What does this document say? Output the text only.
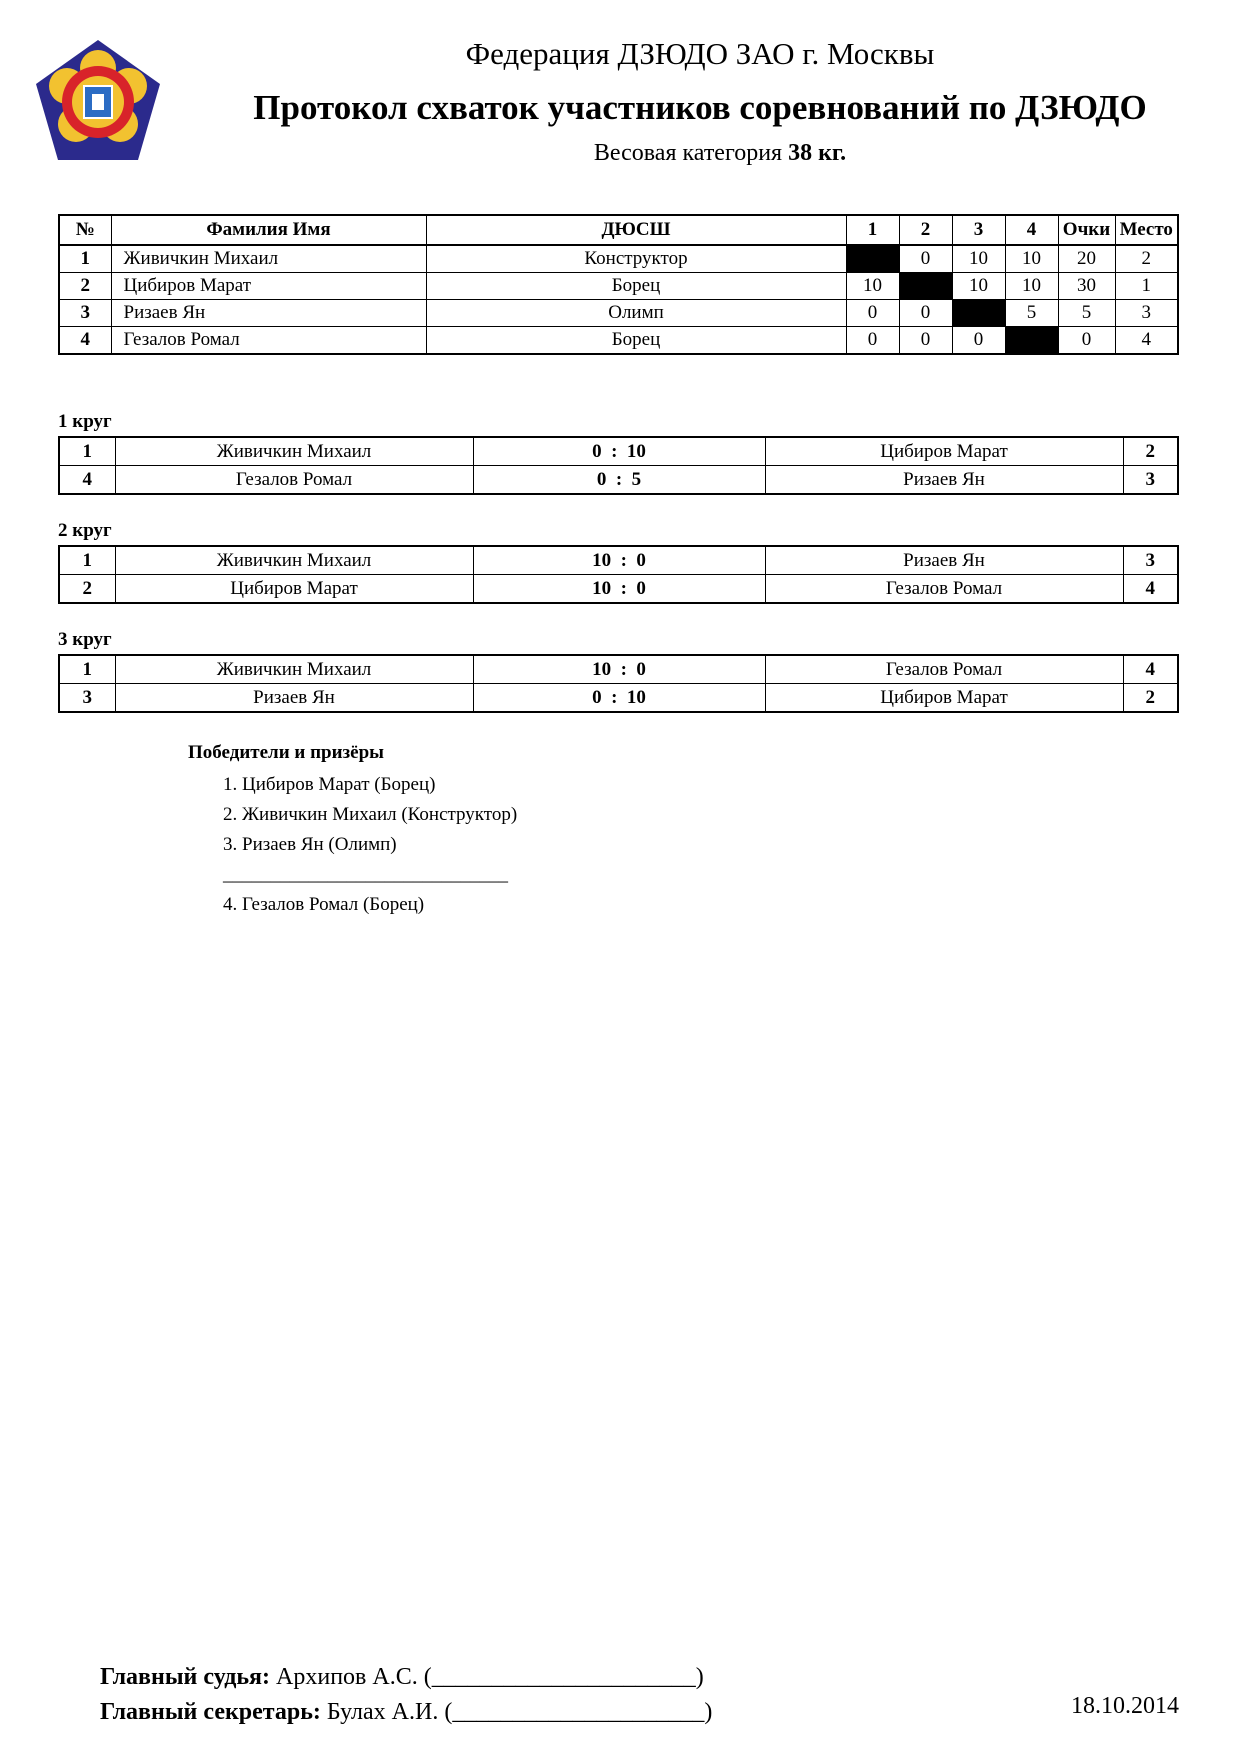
Федерация ДЗЮДО ЗАО г. Москвы
Протокол схваток участников соревнований по ДЗЮДО
Весовая категория 38 кг.
№	Фамилия Имя	ДЮСШ	1	2	3	4	Очки	Место
1	Живичкин Михаил	Конструктор		0	10	10	20	2
2	Цибиров Марат	Борец	10		10	10	30	1
3	Ризаев Ян	Олимп	0	0		5	5	3
4	Гезалов Ромал	Борец	0	0	0		0	4
1 круг
1	Живичкин Михаил	0  :  10	Цибиров Марат	2
4	Гезалов Ромал	0  :  5	Ризаев Ян	3
2 круг
1	Живичкин Михаил	10  :  0	Ризаев Ян	3
2	Цибиров Марат	10  :  0	Гезалов Ромал	4
3 круг
1	Живичкин Михаил	10  :  0	Гезалов Ромал	4
3	Ризаев Ян	0  :  10	Цибиров Марат	2
Победители и призёры
1. Цибиров Марат (Борец)
2. Живичкин Михаил (Конструктор)
3. Ризаев Ян (Олимп)
______________________________
4. Гезалов Ромал (Борец)
Главный судья: Архипов А.С. (______________________)
Главный секретарь: Булах А.И. (_____________________)	18.10.2014
